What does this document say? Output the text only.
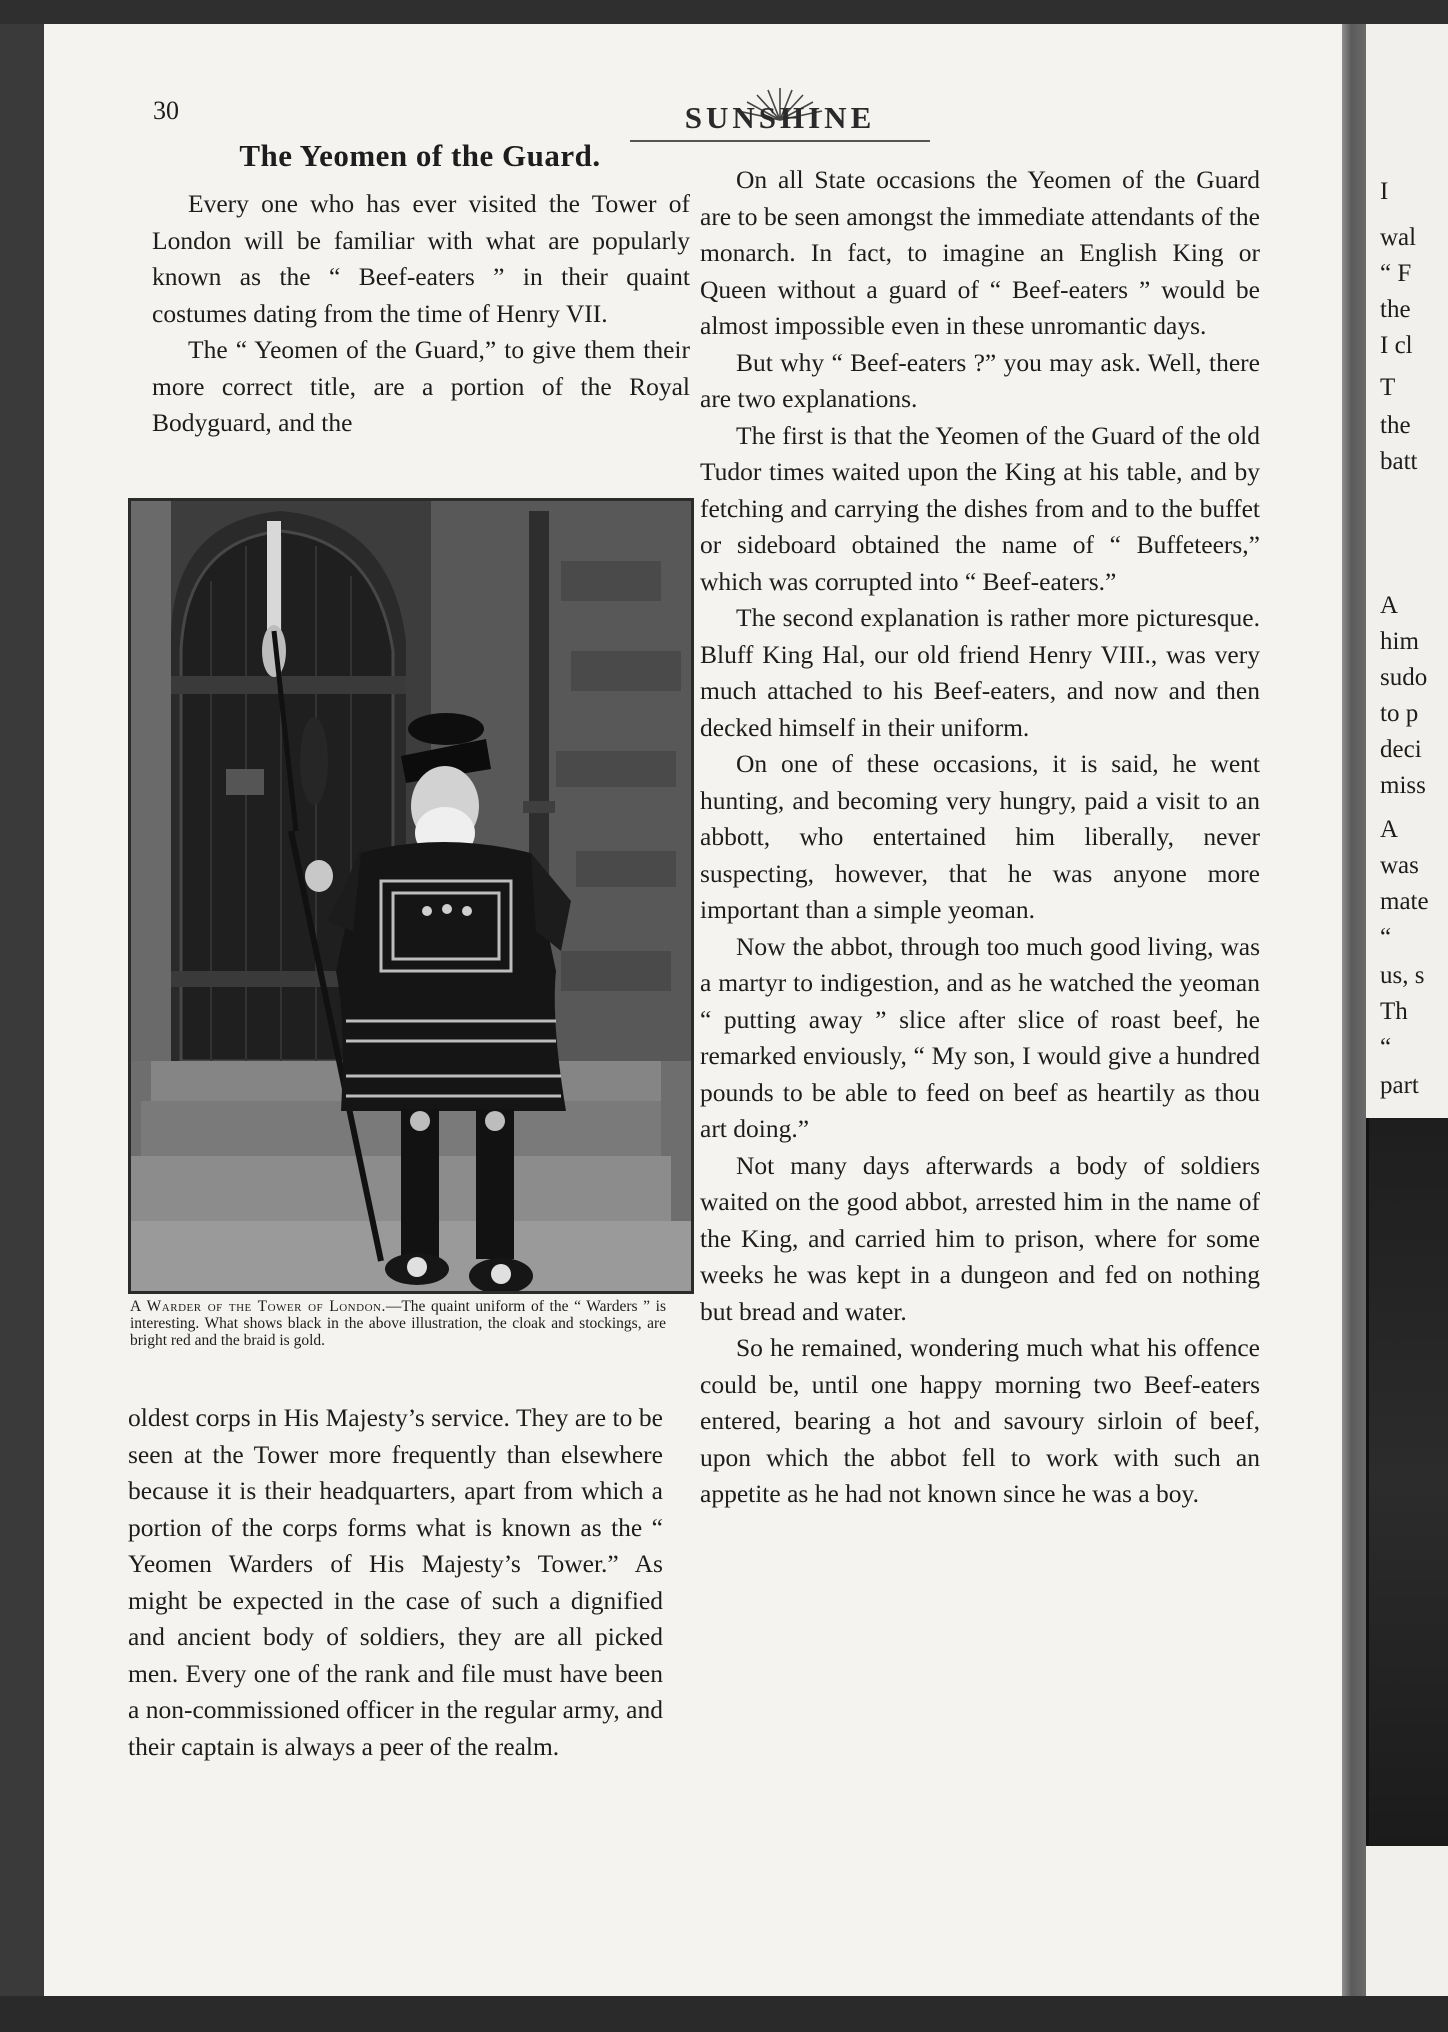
I
wal
“ F
the
I cl
T
the
batt
A
him
sudo
to p
deci
miss
A
was
mate
“
us, s
Th
“
part
30	SUNSHINE
The Yeomen of the Guard.

Every one who has ever visited the Tower of London will be familiar with what are popularly known as the “ Beef-eaters ” in their quaint costumes dating from the time of Henry VII.

The “ Yeomen of the Guard,” to give them their more correct title, are a portion of the Royal Bodyguard, and the

A Warder of the Tower of London.—The quaint uniform of the “ Warders ” is interesting. What shows black in the above illustration, the cloak and stockings, are bright red and the braid is gold.

oldest corps in His Majesty’s service. They are to be seen at the Tower more frequently than elsewhere because it is their headquarters, apart from which a portion of the corps forms what is known as the “ Yeomen Warders of His Majesty’s Tower.” As might be expected in the case of such a dignified and ancient body of soldiers, they are all picked men. Every one of the rank and file must have been a non-commissioned officer in the regular army, and their captain is always a peer of the realm.

On all State occasions the Yeomen of the Guard are to be seen amongst the immediate attendants of the monarch. In fact, to imagine an English King or Queen without a guard of “ Beef-eaters ” would be almost impossible even in these unromantic days.

But why “ Beef-eaters ?” you may ask. Well, there are two explanations.

The first is that the Yeomen of the Guard of the old Tudor times waited upon the King at his table, and by fetching and carrying the dishes from and to the buffet or sideboard obtained the name of “ Buffeteers,” which was corrupted into “ Beef-eaters.”

The second explanation is rather more picturesque. Bluff King Hal, our old friend Henry VIII., was very much attached to his Beef-eaters, and now and then decked himself in their uniform.

On one of these occasions, it is said, he went hunting, and becoming very hungry, paid a visit to an abbott, who entertained him liberally, never suspecting, however, that he was anyone more important than a simple yeoman.

Now the abbot, through too much good living, was a martyr to indigestion, and as he watched the yeoman “ putting away ” slice after slice of roast beef, he remarked enviously, “ My son, I would give a hundred pounds to be able to feed on beef as heartily as thou art doing.”

Not many days afterwards a body of soldiers waited on the good abbot, arrested him in the name of the King, and carried him to prison, where for some weeks he was kept in a dungeon and fed on nothing but bread and water.

So he remained, wondering much what his offence could be, until one happy morning two Beef-eaters entered, bearing a hot and savoury sirloin of beef, upon which the abbot fell to work with such an appetite as he had not known since he was a boy.
